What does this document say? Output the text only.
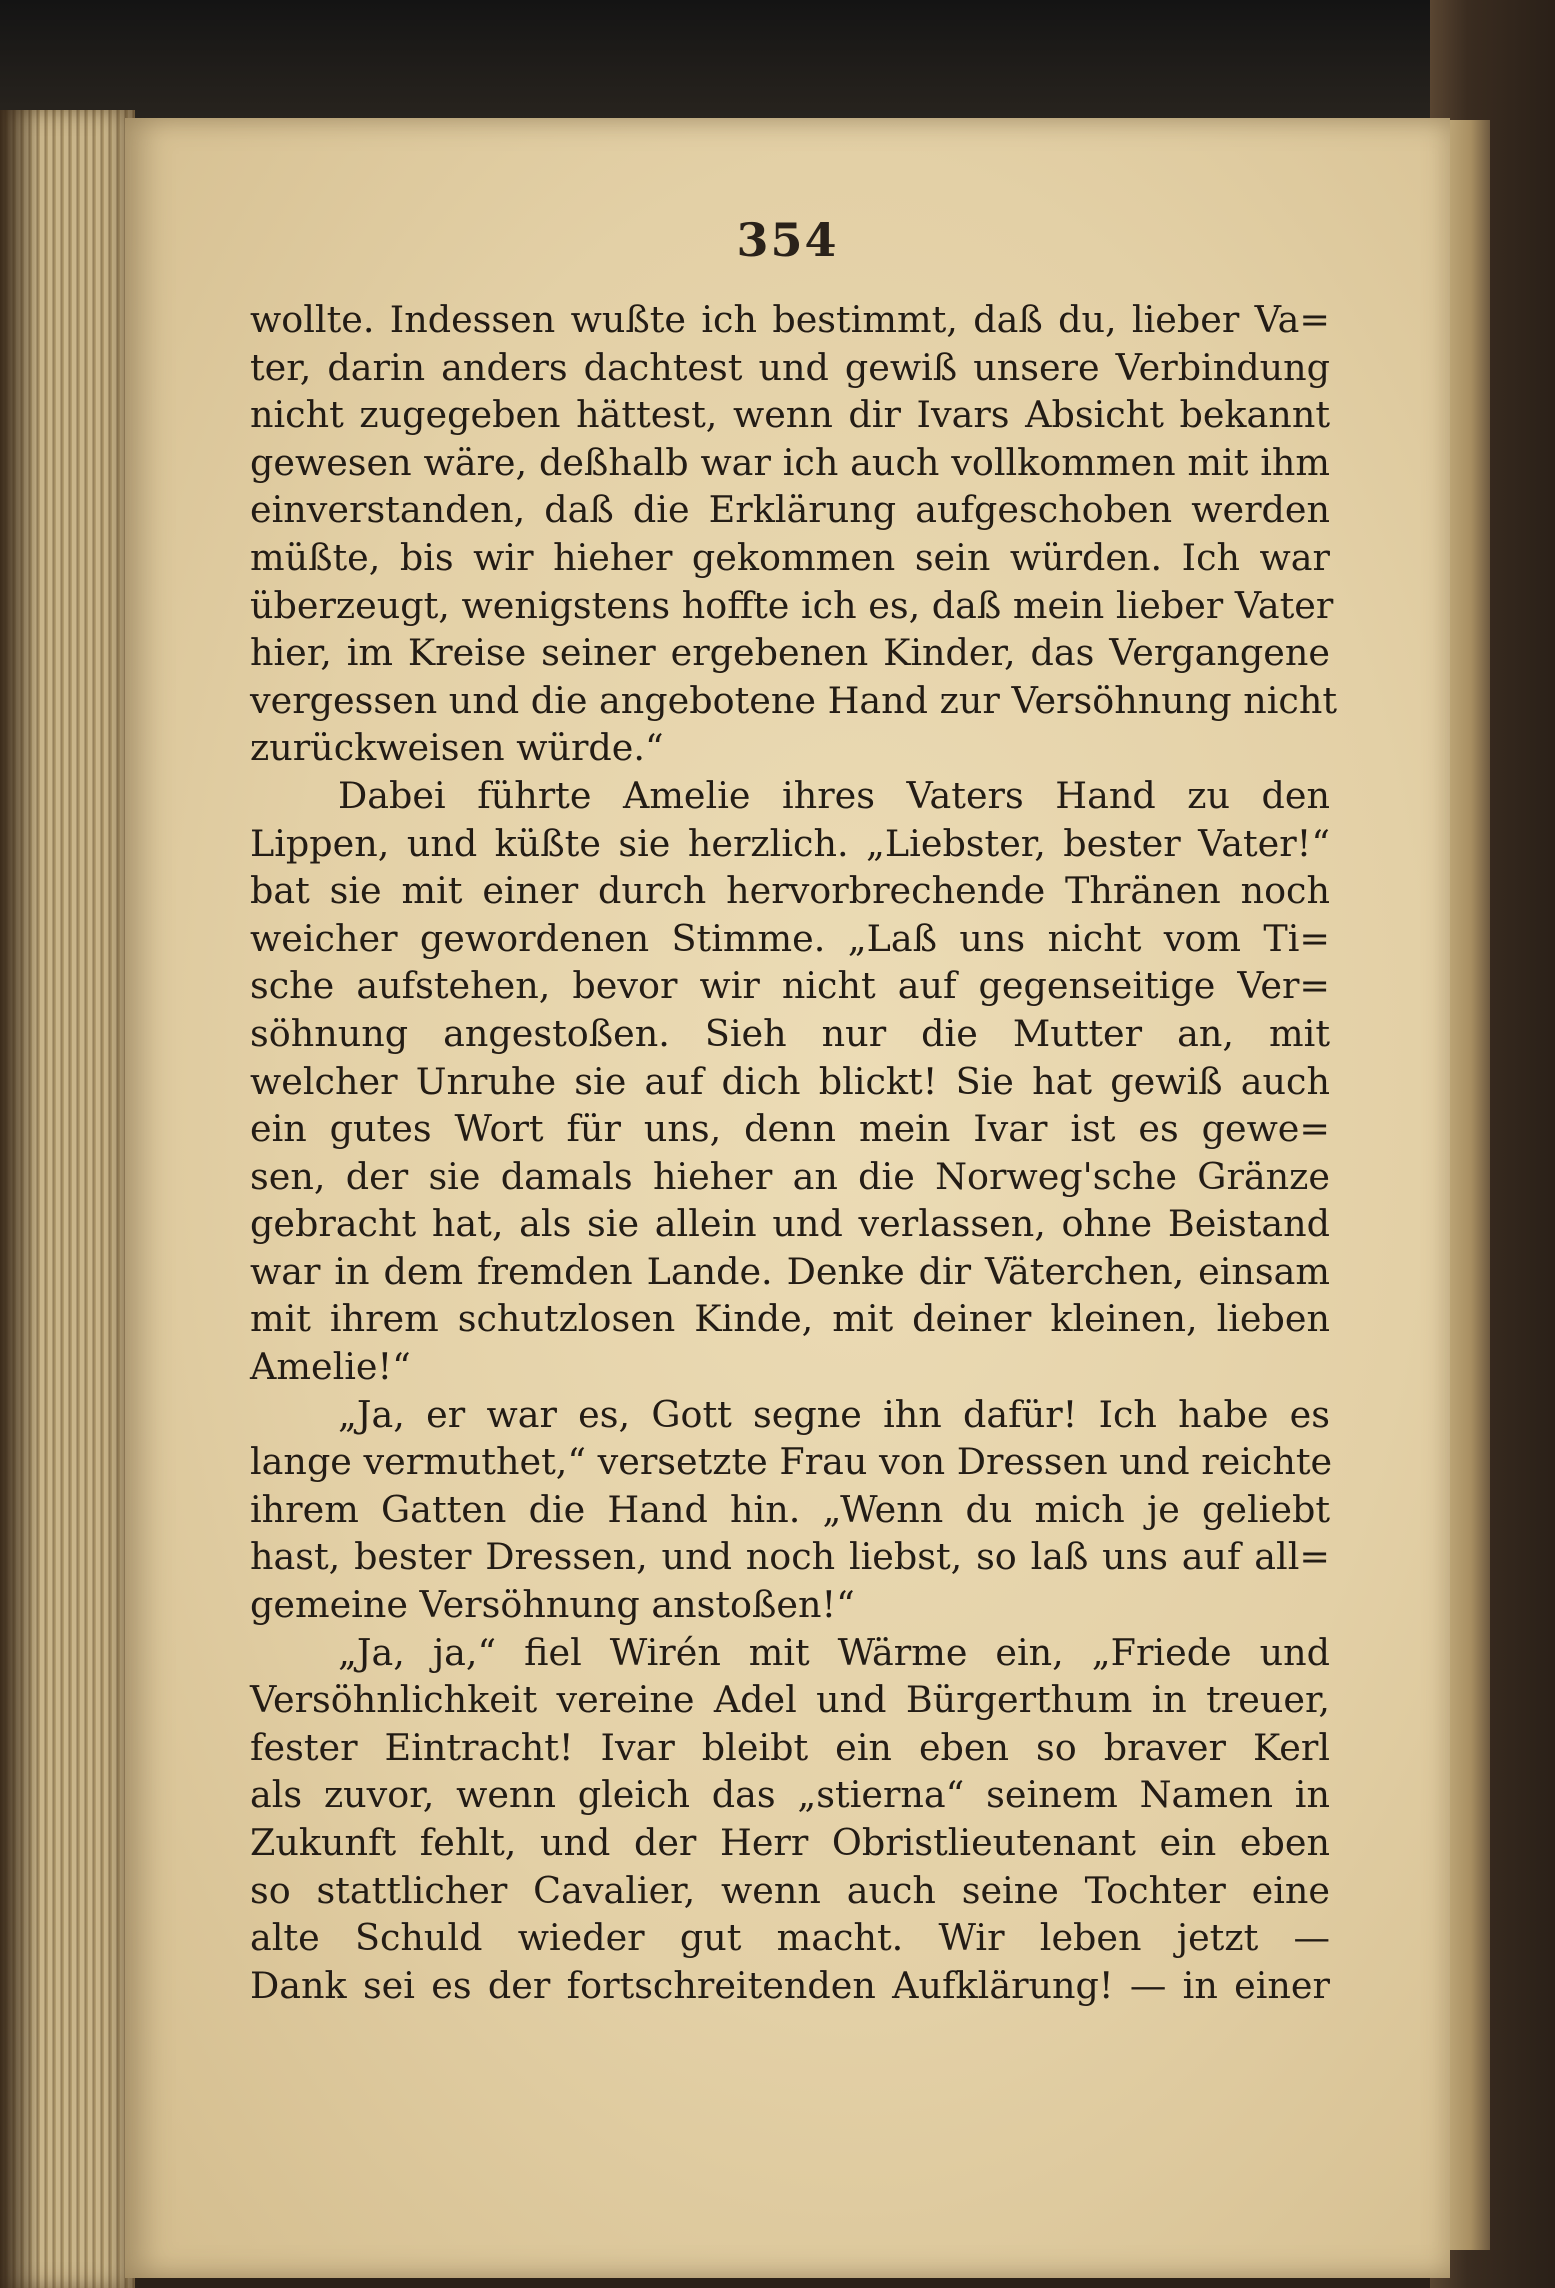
354
wollte. Indessen wußte ich bestimmt, daß du, lieber Va=
ter, darin anders dachtest und gewiß unsere Verbindung
nicht zugegeben hättest, wenn dir Ivars Absicht bekannt
gewesen wäre, deßhalb war ich auch vollkommen mit ihm
einverstanden, daß die Erklärung aufgeschoben werden
müßte, bis wir hieher gekommen sein würden. Ich war
überzeugt, wenigstens hoffte ich es, daß mein lieber Vater
hier, im Kreise seiner ergebenen Kinder, das Vergangene
vergessen und die angebotene Hand zur Versöhnung nicht
zurückweisen würde.“
Dabei führte Amelie ihres Vaters Hand zu den
Lippen, und küßte sie herzlich. „Liebster, bester Vater!“
bat sie mit einer durch hervorbrechende Thränen noch
weicher gewordenen Stimme. „Laß uns nicht vom Ti=
sche aufstehen, bevor wir nicht auf gegenseitige Ver=
söhnung angestoßen. Sieh nur die Mutter an, mit
welcher Unruhe sie auf dich blickt! Sie hat gewiß auch
ein gutes Wort für uns, denn mein Ivar ist es gewe=
sen, der sie damals hieher an die Norweg'sche Gränze
gebracht hat, als sie allein und verlassen, ohne Beistand
war in dem fremden Lande. Denke dir Väterchen, einsam
mit ihrem schutzlosen Kinde, mit deiner kleinen, lieben
Amelie!“
„Ja, er war es, Gott segne ihn dafür! Ich habe es
lange vermuthet,“ versetzte Frau von Dressen und reichte
ihrem Gatten die Hand hin. „Wenn du mich je geliebt
hast, bester Dressen, und noch liebst, so laß uns auf all=
gemeine Versöhnung anstoßen!“
„Ja, ja,“ fiel Wirén mit Wärme ein, „Friede und
Versöhnlichkeit vereine Adel und Bürgerthum in treuer,
fester Eintracht! Ivar bleibt ein eben so braver Kerl
als zuvor, wenn gleich das „stierna“ seinem Namen in
Zukunft fehlt, und der Herr Obristlieutenant ein eben
so stattlicher Cavalier, wenn auch seine Tochter eine
alte Schuld wieder gut macht. Wir leben jetzt —
Dank sei es der fortschreitenden Aufklärung! — in einer
